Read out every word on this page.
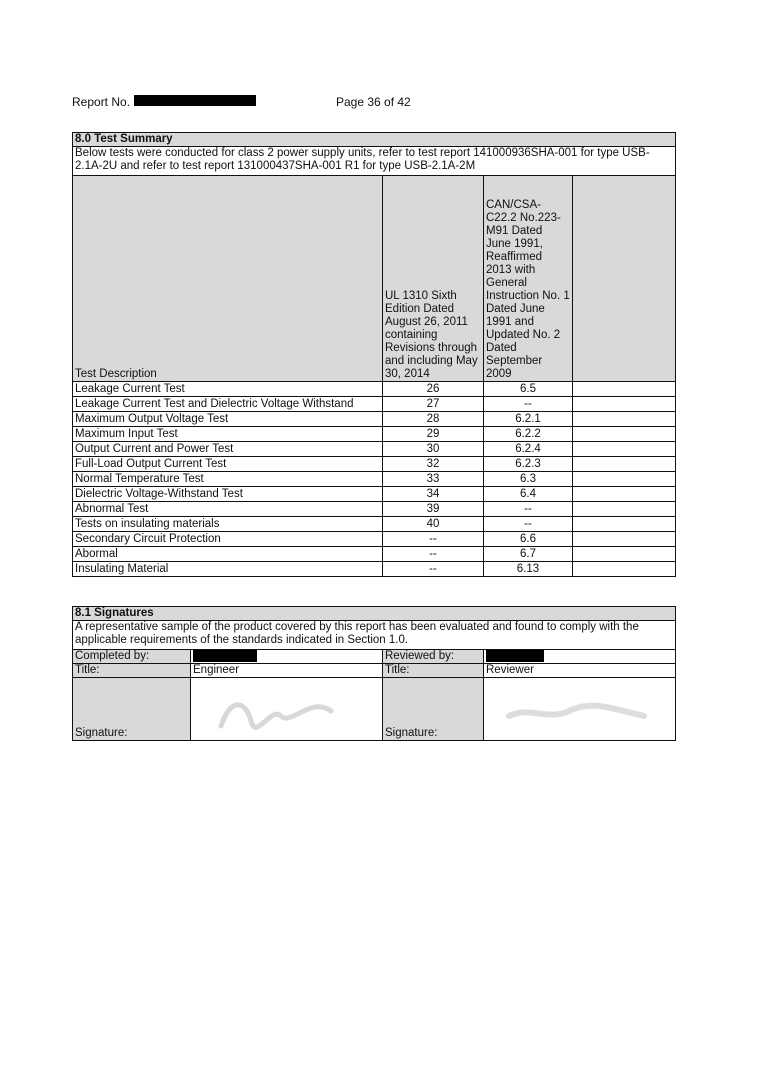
Report No.	Page 36 of 42
8.0 Test Summary			
Below tests were conducted for class 2 power supply units, refer to test report 141000936SHA-001 for type USB-2.1A-2U and refer to test report 131000437SHA-001 R1 for type USB-2.1A-2M			
Test Description	UL 1310 Sixth Edition Dated August 26, 2011 containing Revisions through and including May 30, 2014	CAN/CSA-C22.2 No.223-M91 Dated June 1991, Reaffirmed 2013 with General Instruction No. 1 Dated June 1991 and Updated No. 2 Dated September 2009	
Leakage Current Test	26	6.5	
Leakage Current Test and Dielectric Voltage Withstand	27	--	
Maximum Output Voltage Test	28	6.2.1	
Maximum Input Test	29	6.2.2	
Output Current and Power Test	30	6.2.4	
Full-Load Output Current Test	32	6.2.3	
Normal Temperature Test	33	6.3	
Dielectric Voltage-Withstand Test	34	6.4	
Abnormal Test	39	--	
Tests on insulating materials	40	--	
Secondary Circuit Protection	--	6.6	
Abormal	--	6.7	
Insulating Material	--	6.13	
8.1 Signatures			
A representative sample of the product covered by this report has been evaluated and found to comply with the applicable requirements of the standards indicated in Section 1.0.			
Completed by:		Reviewed by:	
Title:	Engineer	Title:	Reviewer
Signature:		Signature:	
